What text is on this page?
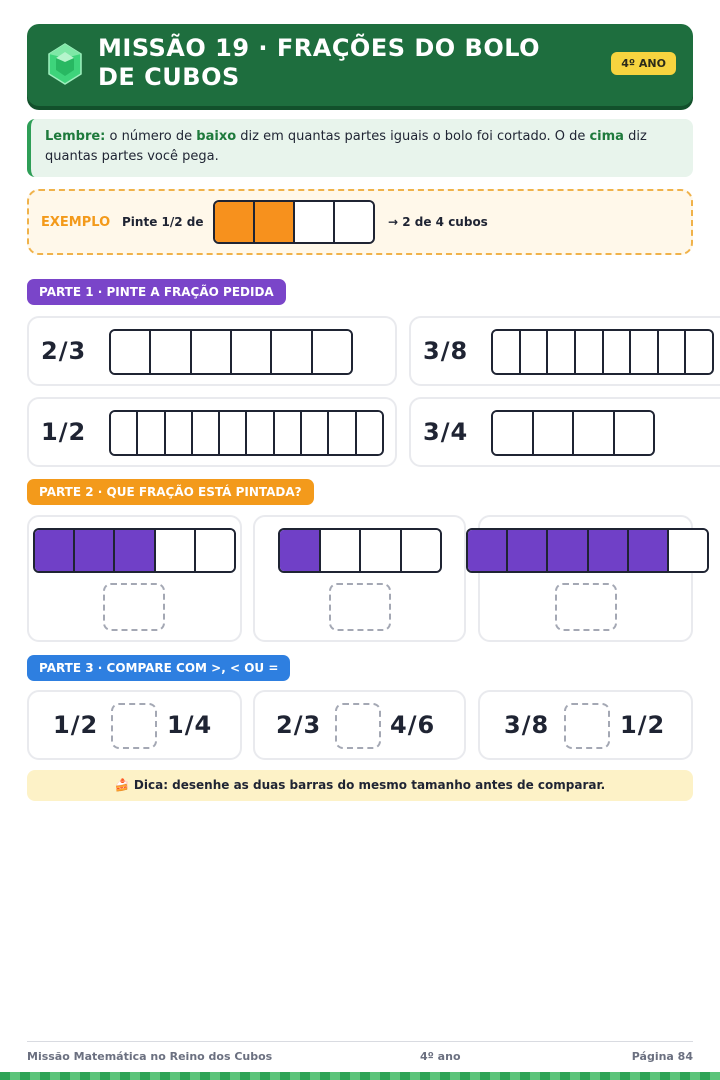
MISSÃO 19 · FRAÇÕES DO BOLO DE CUBOS	4º ANO
Lembre: o número de baixo diz em quantas partes iguais o bolo foi cortado. O de cima diz quantas partes você pega.
EXEMPLO Pinte 1/2 de	→ 2 de 4 cubos
PARTE 1 · PINTE A FRAÇÃO PEDIDA
2/3	3/8
1/2	3/4
PARTE 2 · QUE FRAÇÃO ESTÁ PINTADA?
PARTE 3 · COMPARE COM >, < OU =
1/2	1/4	2/3	4/6	3/8	1/2
🍰 Dica: desenhe as duas barras do mesmo tamanho antes de comparar.
Missão Matemática no Reino dos Cubos	4º ano	Página 84
